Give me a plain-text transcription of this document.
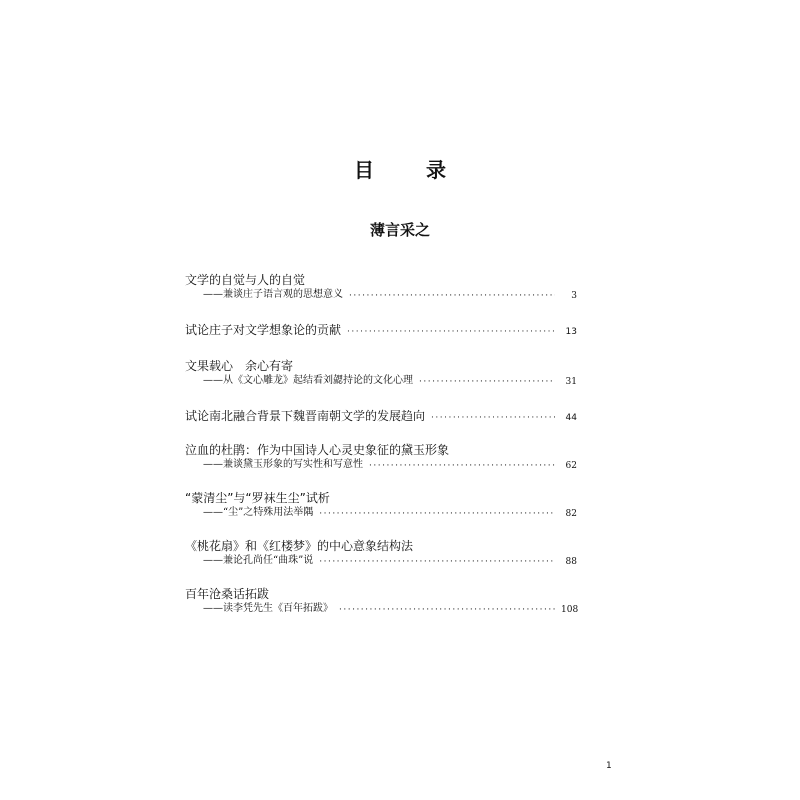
目　录
薄言采之
文学的自觉与人的自觉
——兼谈庄子语言观的思想意义 ·····	3
试论庄子对文学想象论的贡献 ·····	13
文果载心　余心有寄
——从《文心雕龙》起结看刘勰持论的文化心理 ·····	31
试论南北融合背景下魏晋南朝文学的发展趋向 ·····	44
泣血的杜鹃：作为中国诗人心灵史象征的黛玉形象
——兼谈黛玉形象的写实性和写意性 ·····	62
“蒙清尘”与“罗袜生尘”试析
——“尘”之特殊用法举隅 ·····	82
《桃花扇》和《红楼梦》的中心意象结构法
——兼论孔尚任“曲珠”说 ·····	88
百年沧桑话拓跋
——读李凭先生《百年拓跋》 ·····	108
1
